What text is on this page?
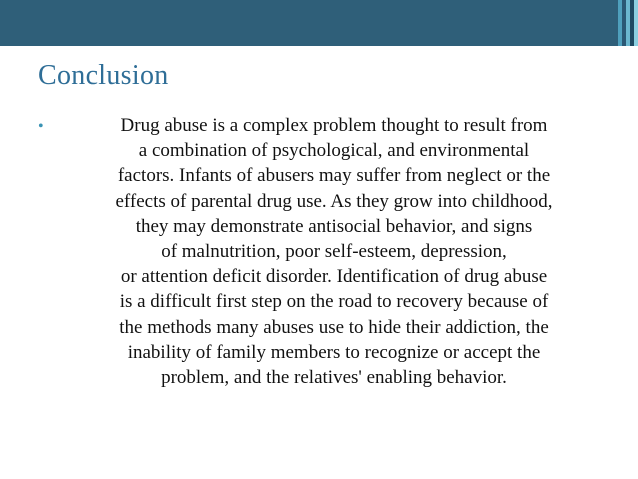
Conclusion
•	Drug abuse is a complex problem thought to result from
a combination of psychological, and environmental
factors. Infants of abusers may suffer from neglect or the
effects of parental drug use. As they grow into childhood,
they may demonstrate antisocial behavior, and signs
of malnutrition, poor self-esteem, depression,
or attention deficit disorder. Identification of drug abuse
is a difficult first step on the road to recovery because of
the methods many abuses use to hide their addiction, the
inability of family members to recognize or accept the
problem, and the relatives' enabling behavior.
